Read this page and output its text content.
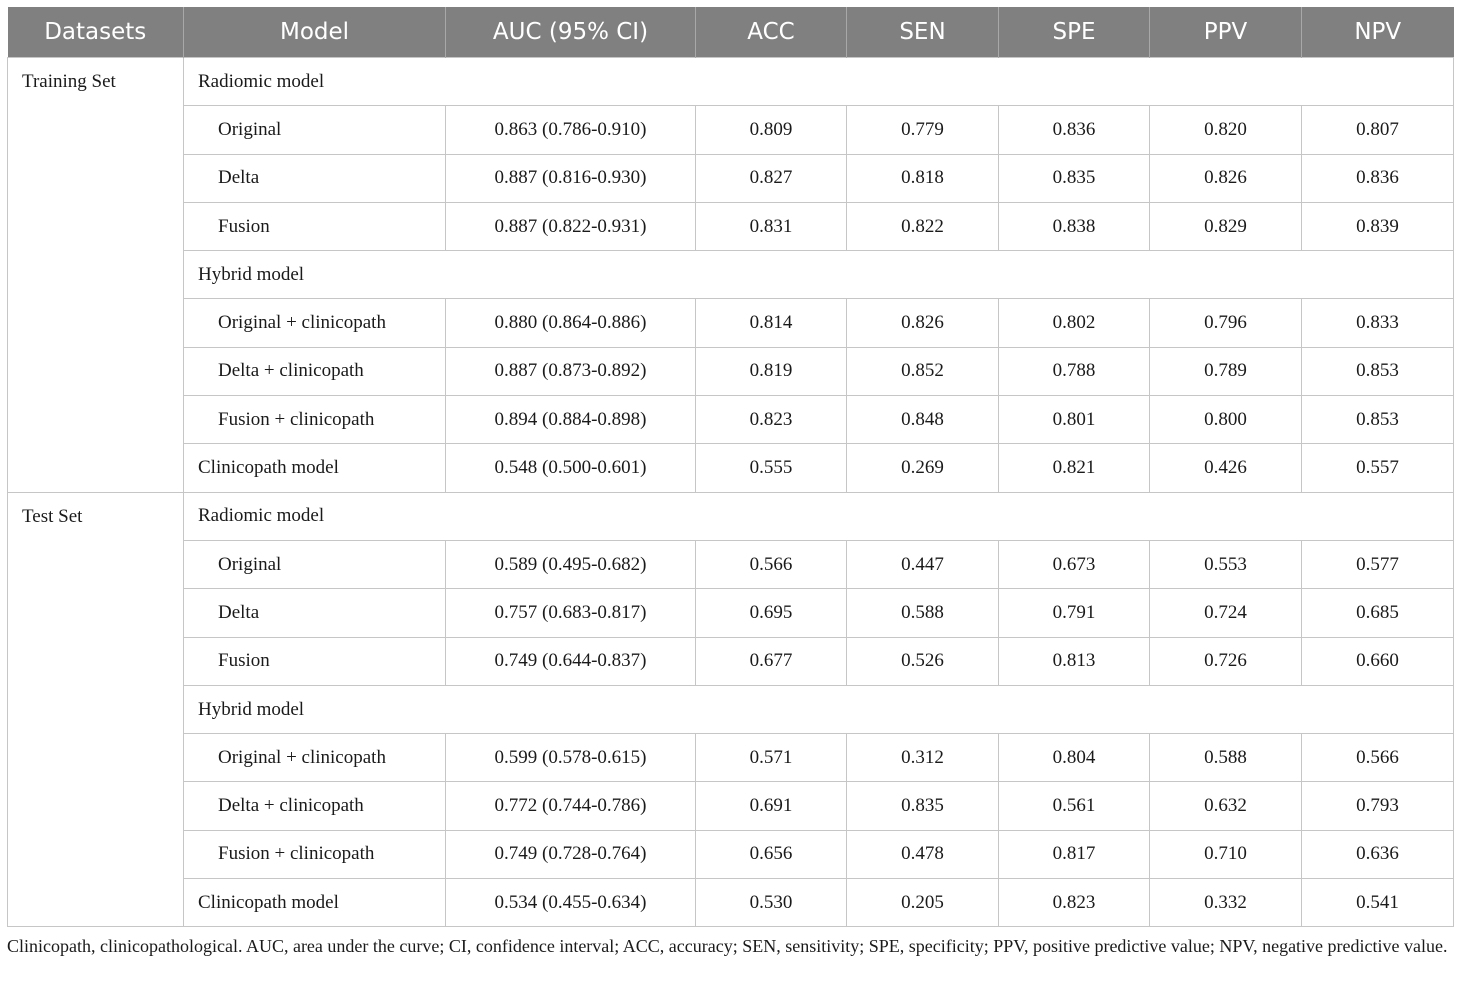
Datasets	Model	AUC (95% CI)	ACC	SEN	SPE	PPV	NPV
Training Set	Radiomic model						
	Original	0.863 (0.786-0.910)	0.809	0.779	0.836	0.820	0.807
	Delta	0.887 (0.816-0.930)	0.827	0.818	0.835	0.826	0.836
	Fusion	0.887 (0.822-0.931)	0.831	0.822	0.838	0.829	0.839
	Hybrid model						
	Original + clinicopath	0.880 (0.864-0.886)	0.814	0.826	0.802	0.796	0.833
	Delta + clinicopath	0.887 (0.873-0.892)	0.819	0.852	0.788	0.789	0.853
	Fusion + clinicopath	0.894 (0.884-0.898)	0.823	0.848	0.801	0.800	0.853
	Clinicopath model	0.548 (0.500-0.601)	0.555	0.269	0.821	0.426	0.557
Test Set	Radiomic model						
	Original	0.589 (0.495-0.682)	0.566	0.447	0.673	0.553	0.577
	Delta	0.757 (0.683-0.817)	0.695	0.588	0.791	0.724	0.685
	Fusion	0.749 (0.644-0.837)	0.677	0.526	0.813	0.726	0.660
	Hybrid model						
	Original + clinicopath	0.599 (0.578-0.615)	0.571	0.312	0.804	0.588	0.566
	Delta + clinicopath	0.772 (0.744-0.786)	0.691	0.835	0.561	0.632	0.793
	Fusion + clinicopath	0.749 (0.728-0.764)	0.656	0.478	0.817	0.710	0.636
	Clinicopath model	0.534 (0.455-0.634)	0.530	0.205	0.823	0.332	0.541
Clinicopath, clinicopathological. AUC, area under the curve; CI, confidence interval; ACC, accuracy; SEN, sensitivity; SPE, specificity; PPV, positive predictive value; NPV, negative predictive value.
